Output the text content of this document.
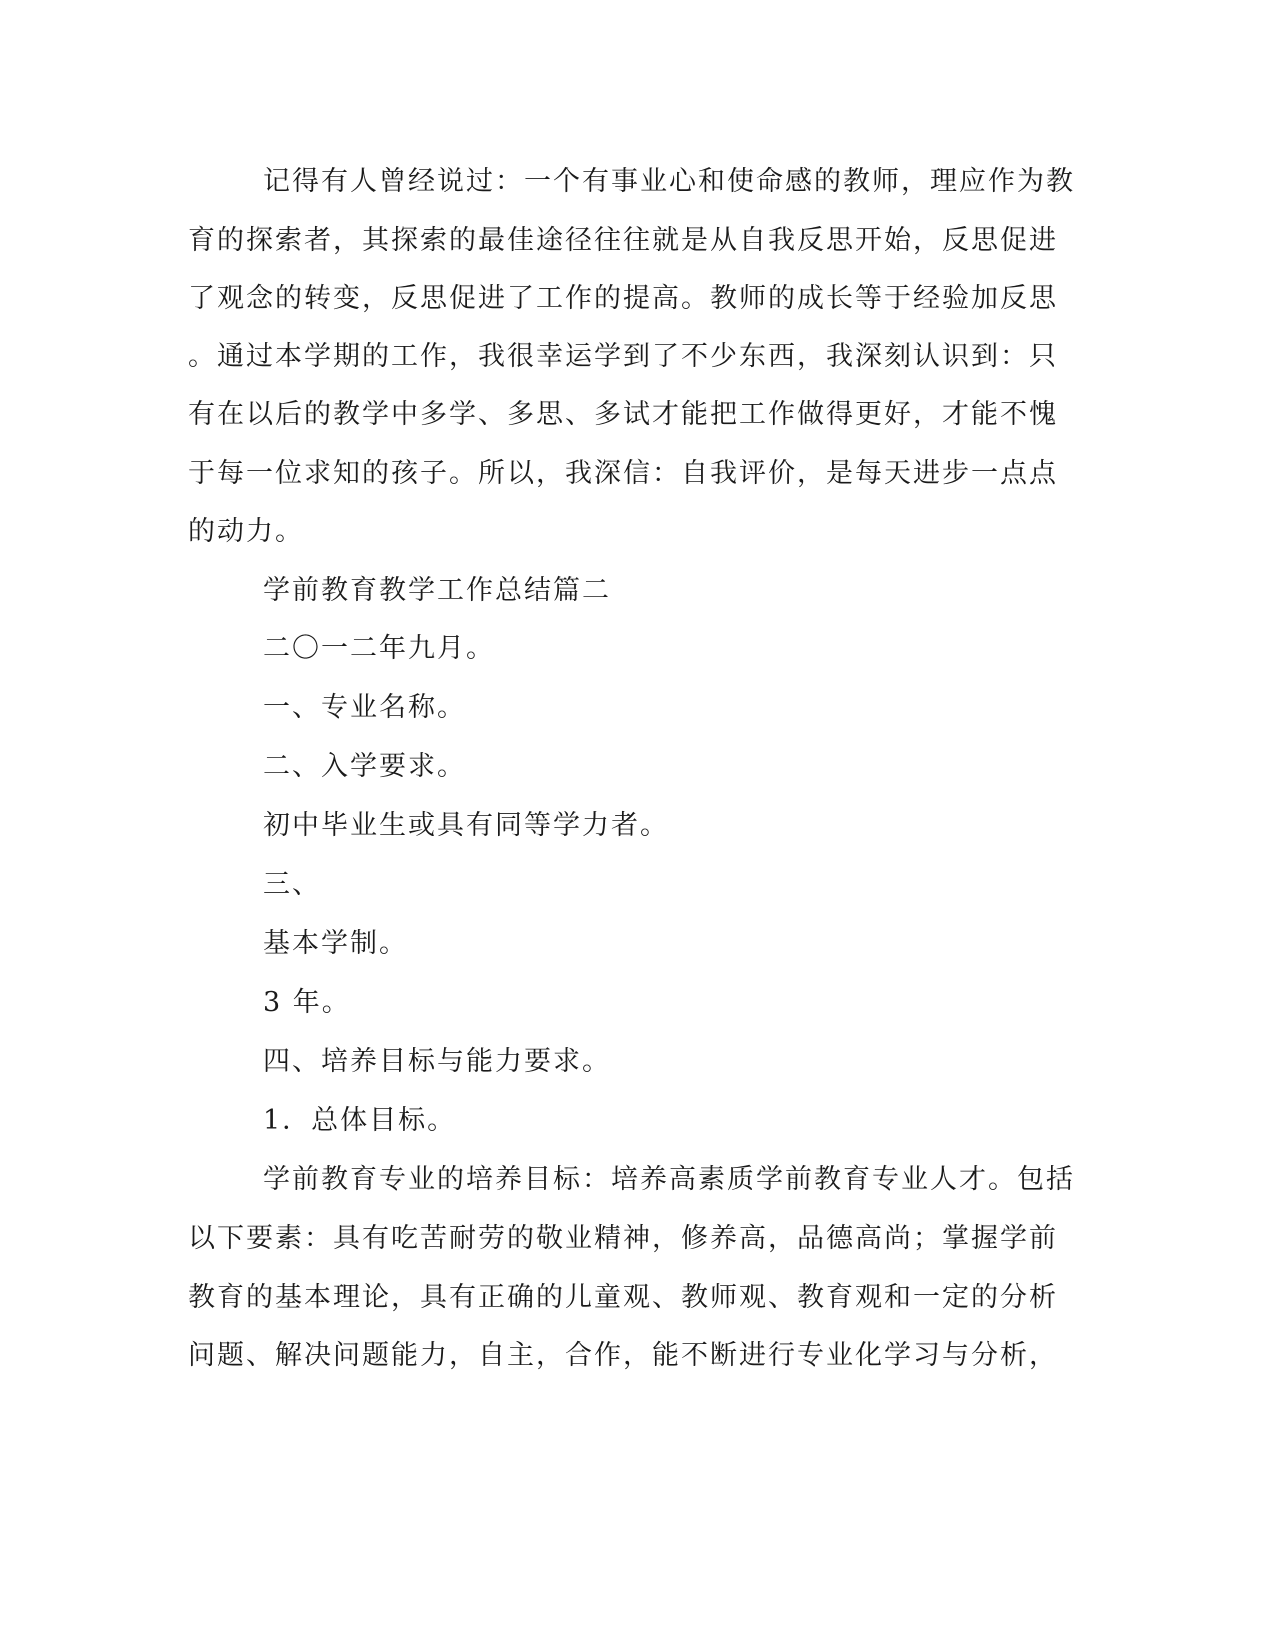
记得有人曾经说过：一个有事业心和使命感的教师，理应作为教
育的探索者，其探索的最佳途径往往就是从自我反思开始，反思促进
了观念的转变，反思促进了工作的提高。教师的成长等于经验加反思
。通过本学期的工作，我很幸运学到了不少东西，我深刻认识到：只
有在以后的教学中多学、多思、多试才能把工作做得更好，才能不愧
于每一位求知的孩子。所以，我深信：自我评价，是每天进步一点点
的动力。
学前教育教学工作总结篇二
二〇一二年九月。
一、专业名称。
二、入学要求。
初中毕业生或具有同等学力者。
三、
基本学制。
3 年。
四、培养目标与能力要求。
1．总体目标。
学前教育专业的培养目标：培养高素质学前教育专业人才。包括
以下要素：具有吃苦耐劳的敬业精神，修养高，品德高尚；掌握学前
教育的基本理论，具有正确的儿童观、教师观、教育观和一定的分析
问题、解决问题能力，自主，合作，能不断进行专业化学习与分析，
